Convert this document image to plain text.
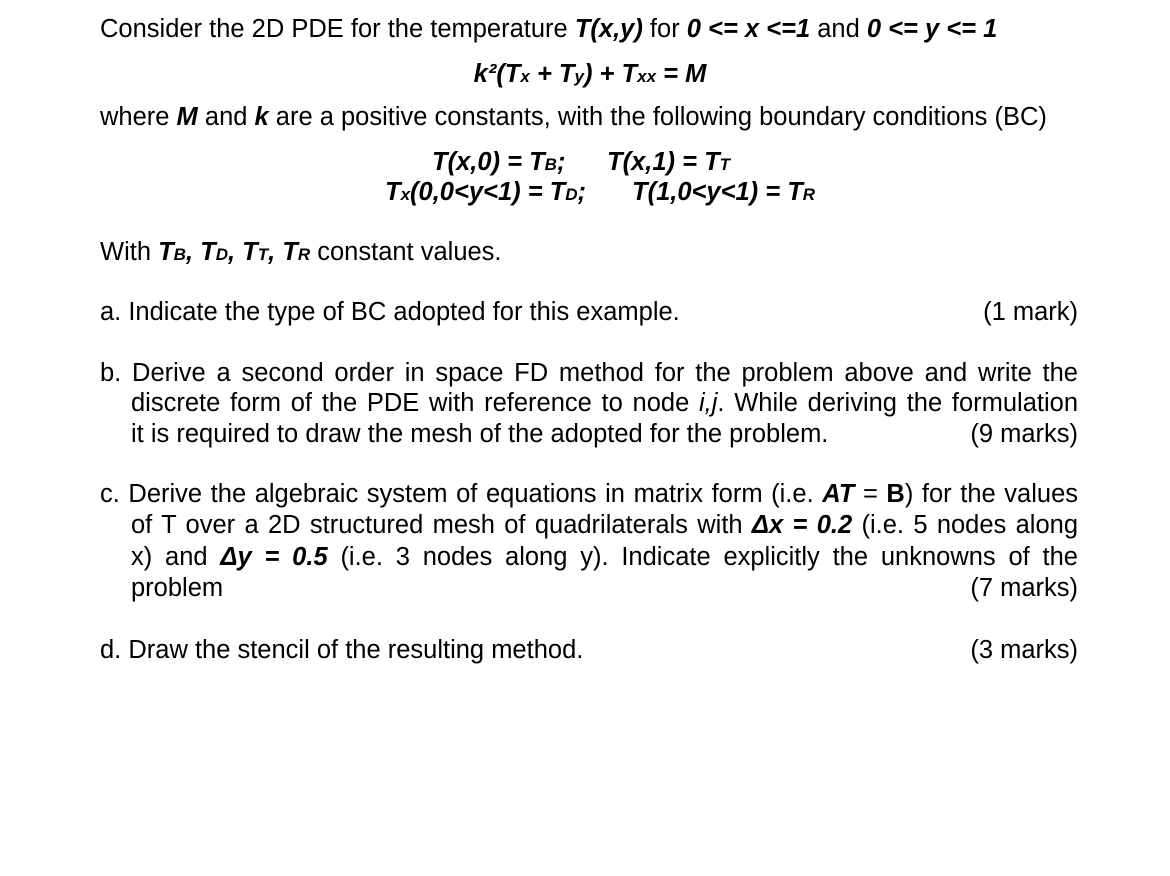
Consider the 2D PDE for the temperature T(x,y) for 0 <= x <=1 and 0 <= y <= 1
k²(Tx + Ty) + Txx = M
where M and k are a positive constants, with the following boundary conditions (BC)
T(x,0) = TB; T(x,1) = TT
Tx(0,0<y<1) = TD; T(1,0<y<1) = TR
With TB, TD, TT, TR constant values.
a. Indicate the type of BC adopted for this example.	(1 mark)
b. Derive a second order in space FD method for the problem above and write the
discrete form of the PDE with reference to node i,j. While deriving the formulation
it is required to draw the mesh of the adopted for the problem.	(9 marks)
c. Derive the algebraic system of equations in matrix form (i.e. AT = B) for the values
of T over a 2D structured mesh of quadrilaterals with Δx = 0.2 (i.e. 5 nodes along
x) and Δy = 0.5 (i.e. 3 nodes along y). Indicate explicitly the unknowns of the
problem	(7 marks)
d. Draw the stencil of the resulting method.	(3 marks)
